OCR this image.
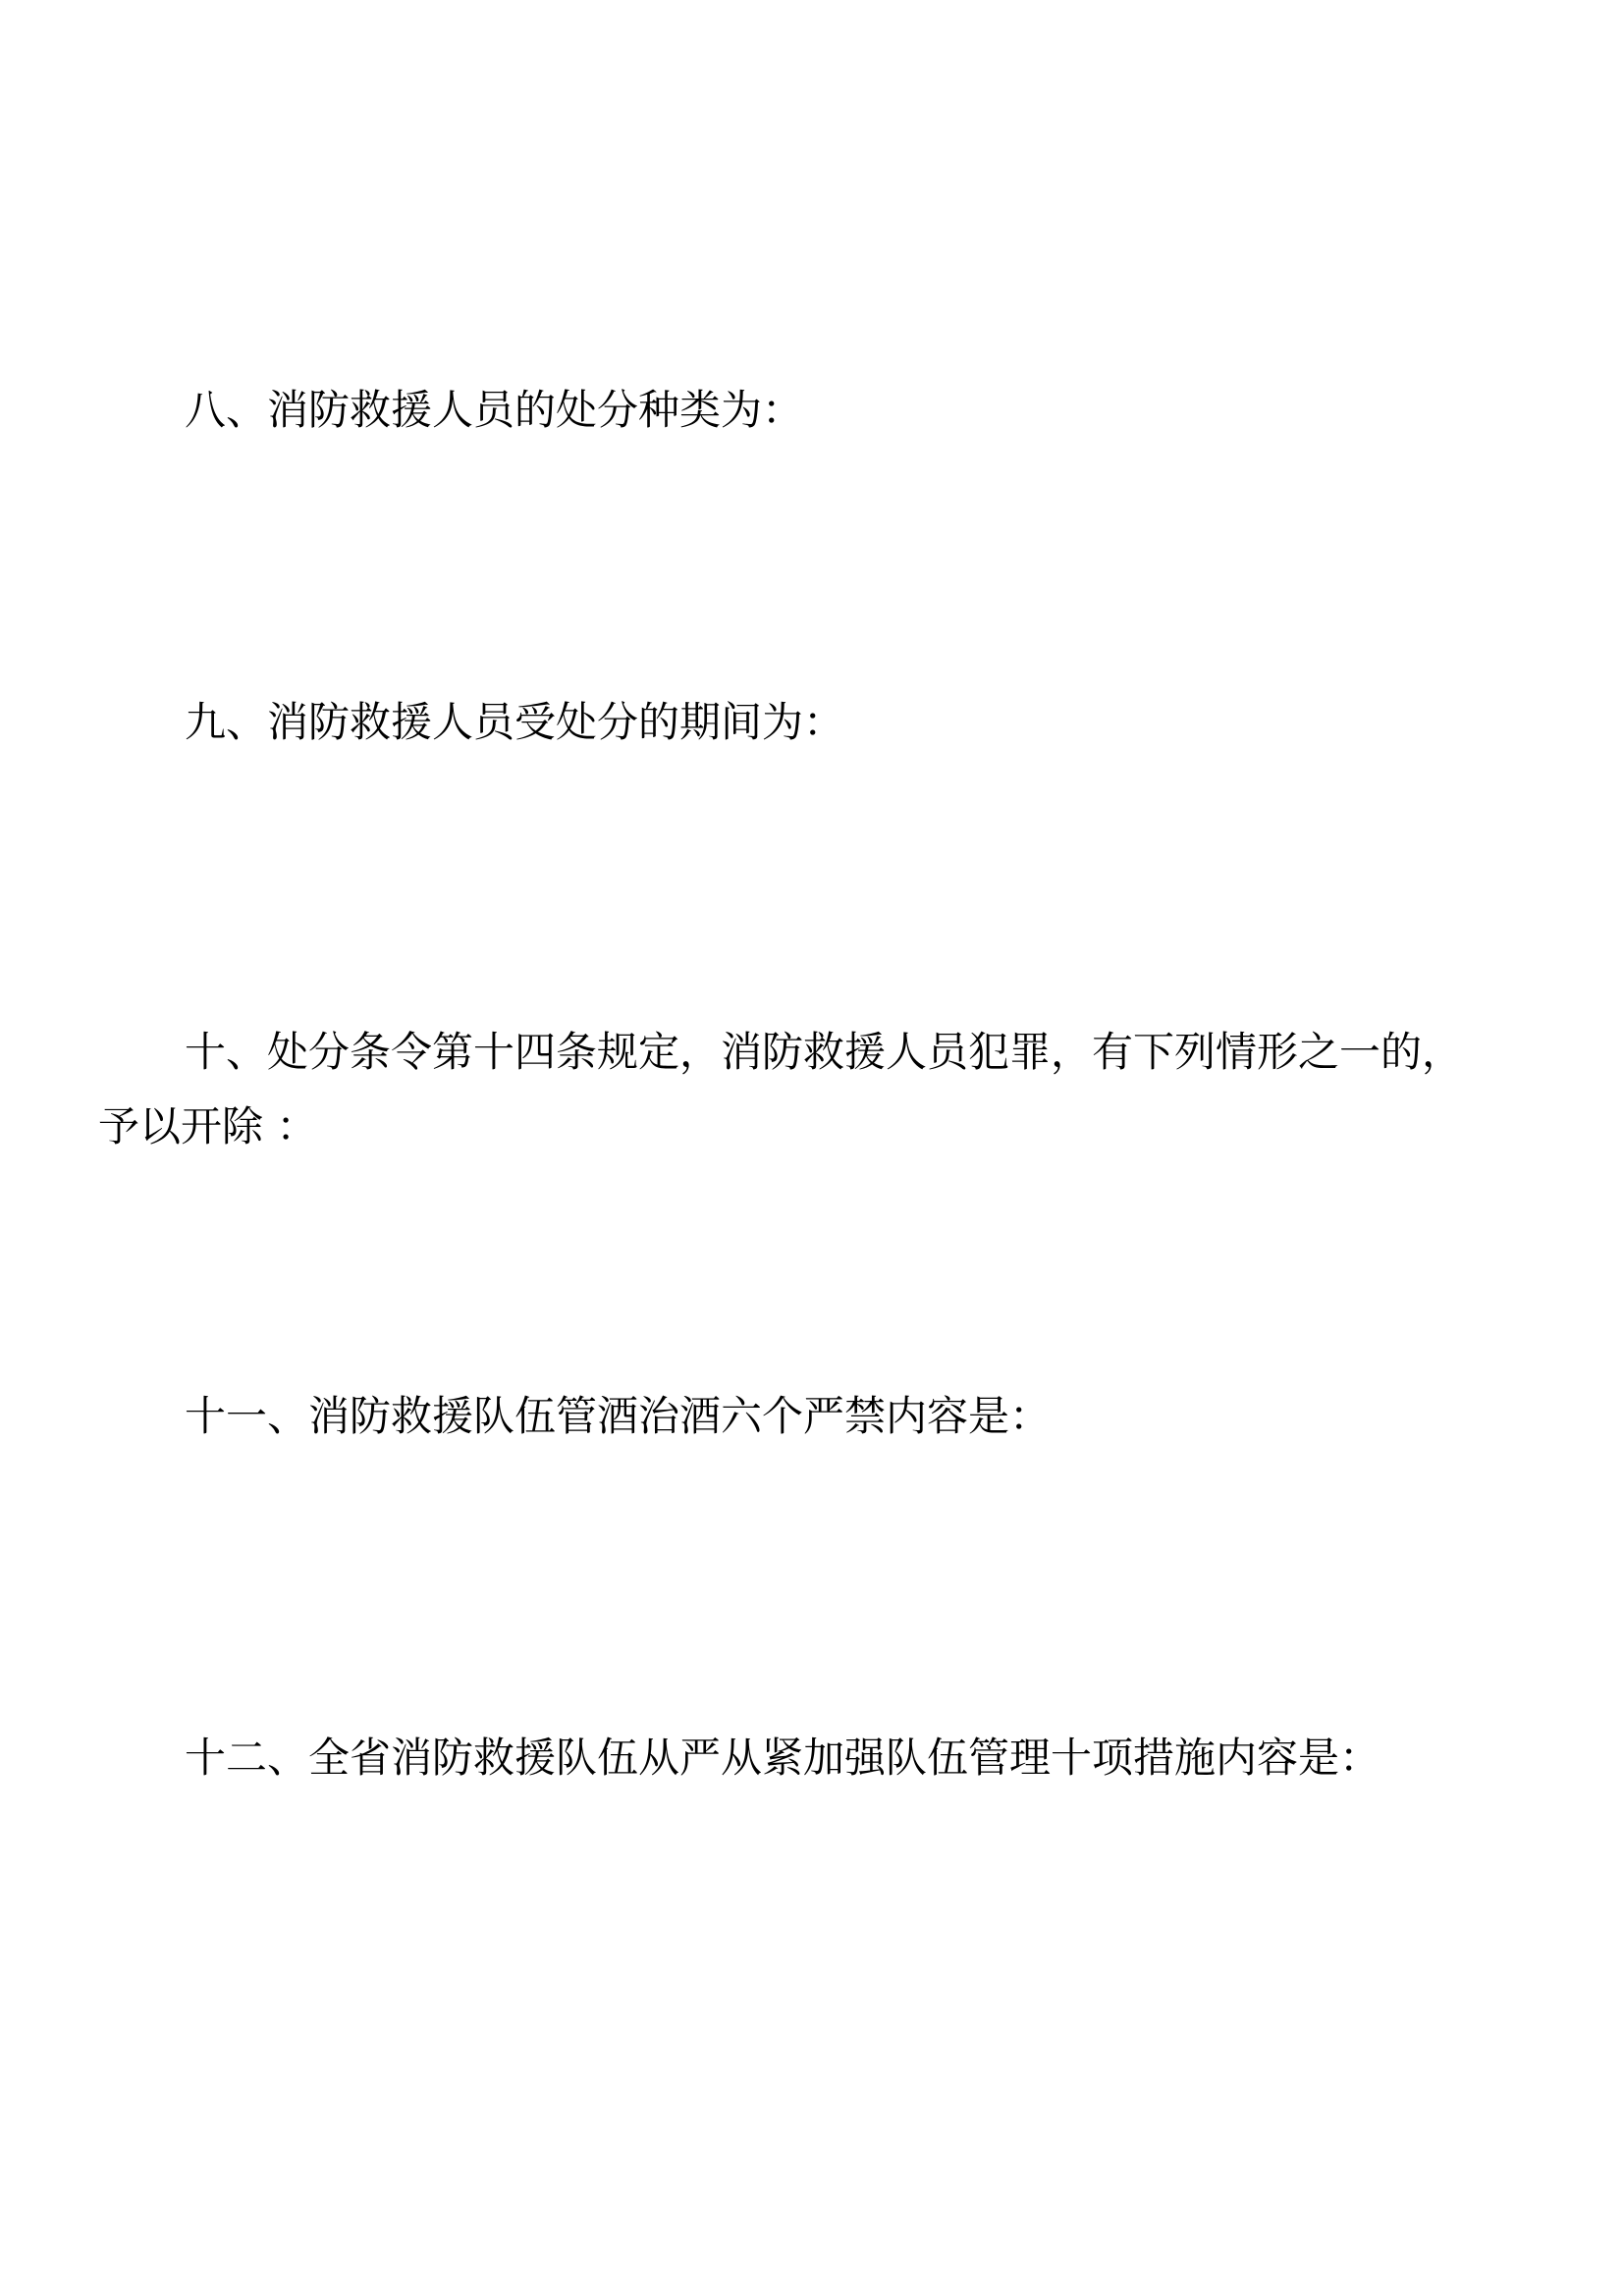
八、消防救援人员的处分种类为：

九、消防救援人员受处分的期间为：

十、处分条令第十四条规定，消防救援人员犯罪，有下列情形之一的，予以开除 ：

十一、消防救援队伍管酒治酒六个严禁内容是：

十二、全省消防救援队伍从严从紧加强队伍管理十项措施内容是：
